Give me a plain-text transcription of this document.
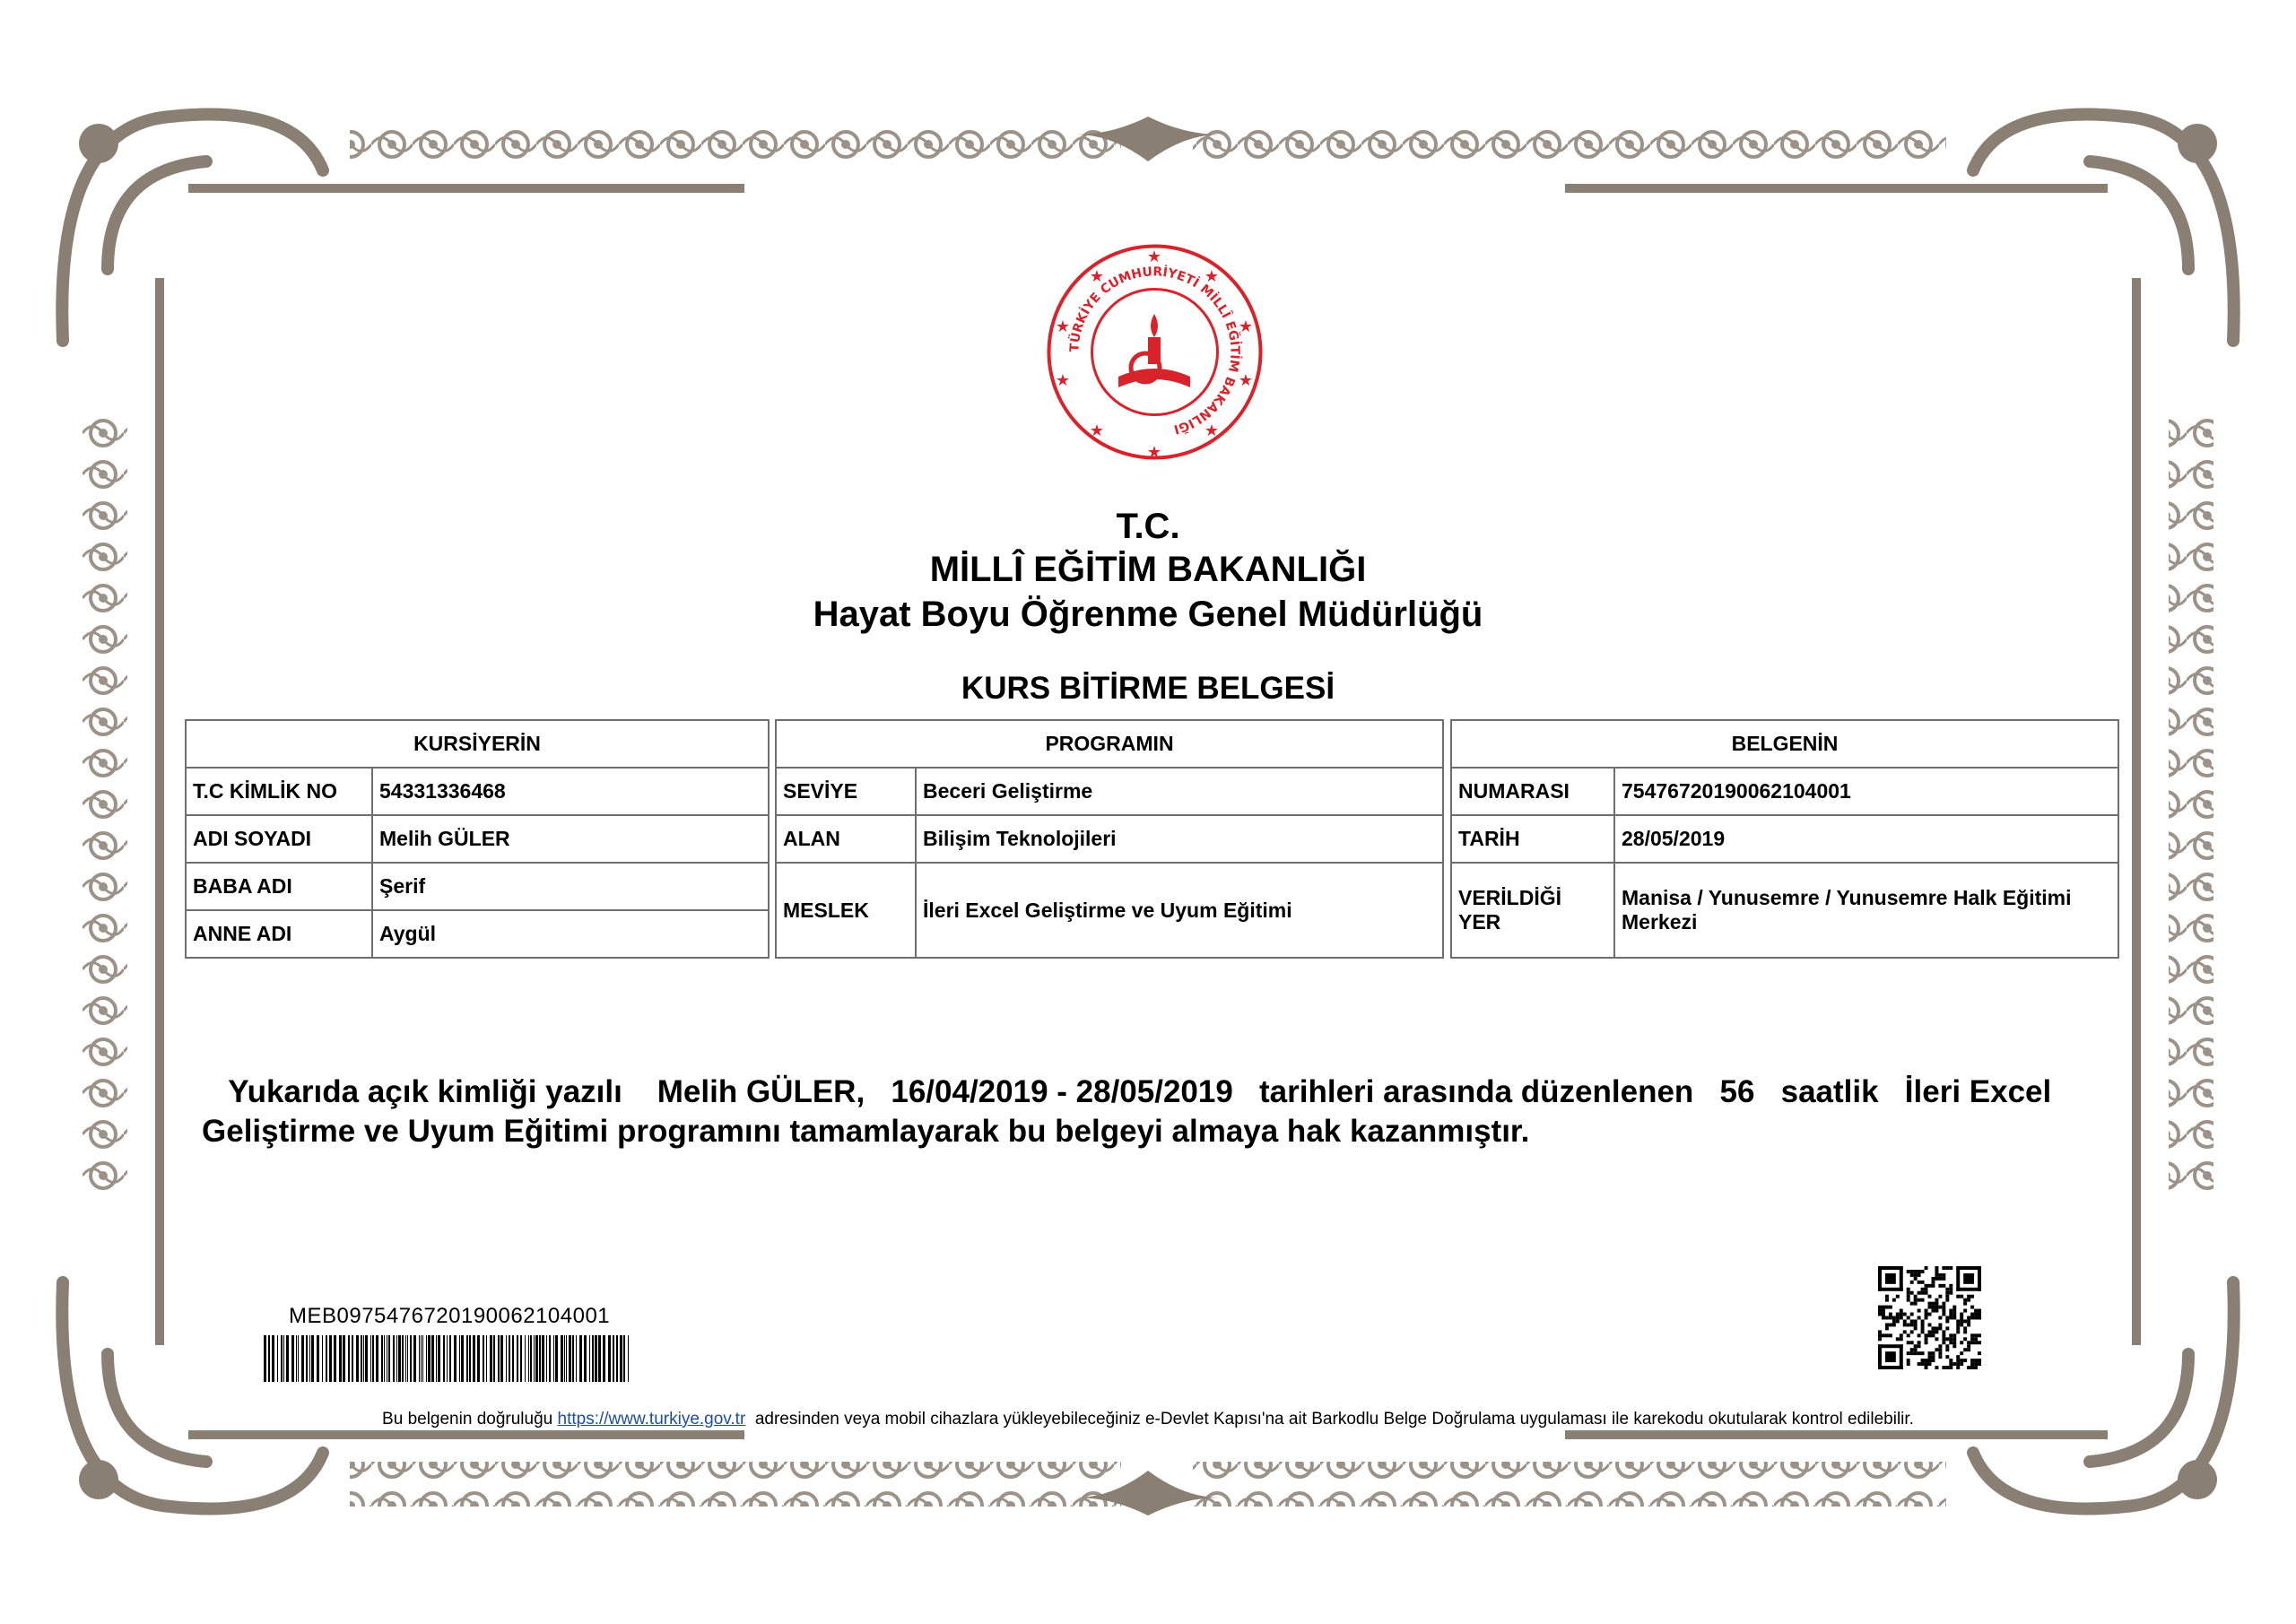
TÜRKİYE CUMHURİYETİ MİLLÎ EĞİTİM BAKANLIĞI
★
★
★
★
★
★
★
★
★
★
T.C.
MİLLÎ EĞİTİM BAKANLIĞI
Hayat Boyu Öğrenme Genel Müdürlüğü
KURS BİTİRME BELGESİ
KURSİYERİN	
T.C KİMLİK NO	54331336468
ADI SOYADI	Melih GÜLER
BABA ADI	Şerif
ANNE ADI	Aygül
PROGRAMIN	
SEVİYE	Beceri Geliştirme
ALAN	Bilişim Teknolojileri
MESLEK	İleri Excel Geliştirme ve Uyum Eğitimi
BELGENİN	
NUMARASI	75476720190062104001
TARİH	28/05/2019
VERİLDİĞİ YER	Manisa / Yunusemre / Yunusemre Halk Eğitimi Merkezi
Yukarıda açık kimliği yazılı Melih GÜLER, 16/04/2019 - 28/05/2019 tarihleri arasında düzenlenen 56 saatlik İleri Excel Geliştirme ve Uyum Eğitimi programını tamamlayarak bu belgeyi almaya hak kazanmıştır.
MEB0975476720190062104001
Bu belgenin doğruluğu https://www.turkiye.gov.tr adresinden veya mobil cihazlara yükleyebileceğiniz e-Devlet Kapısı'na ait Barkodlu Belge Doğrulama uygulaması ile karekodu okutularak kontrol edilebilir.
